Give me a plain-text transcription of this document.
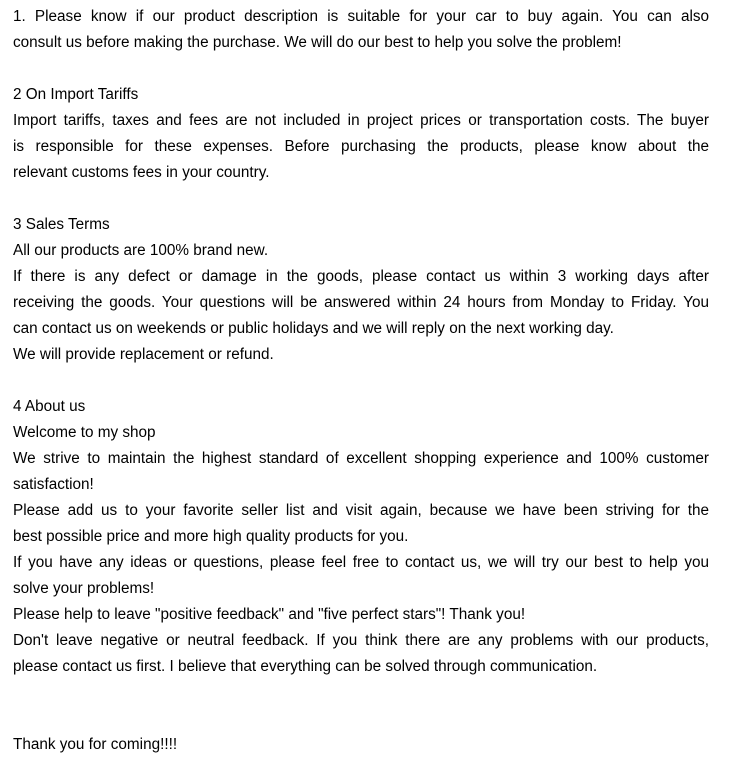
1. Please know if our product description is suitable for your car to buy again. You can also
consult us before making the purchase. We will do our best to help you solve the problem!
2 On Import Tariffs
Import tariffs, taxes and fees are not included in project prices or transportation costs. The buyer
is responsible for these expenses. Before purchasing the products, please know about the
relevant customs fees in your country.
3 Sales Terms
All our products are 100% brand new.
If there is any defect or damage in the goods, please contact us within 3 working days after
receiving the goods. Your questions will be answered within 24 hours from Monday to Friday. You
can contact us on weekends or public holidays and we will reply on the next working day.
We will provide replacement or refund.
4 About us
Welcome to my shop
We strive to maintain the highest standard of excellent shopping experience and 100% customer
satisfaction!
Please add us to your favorite seller list and visit again, because we have been striving for the
best possible price and more high quality products for you.
If you have any ideas or questions, please feel free to contact us, we will try our best to help you
solve your problems!
Please help to leave "positive feedback" and "five perfect stars"! Thank you!
Don't leave negative or neutral feedback. If you think there are any problems with our products,
please contact us first. I believe that everything can be solved through communication.
Thank you for coming!!!!
